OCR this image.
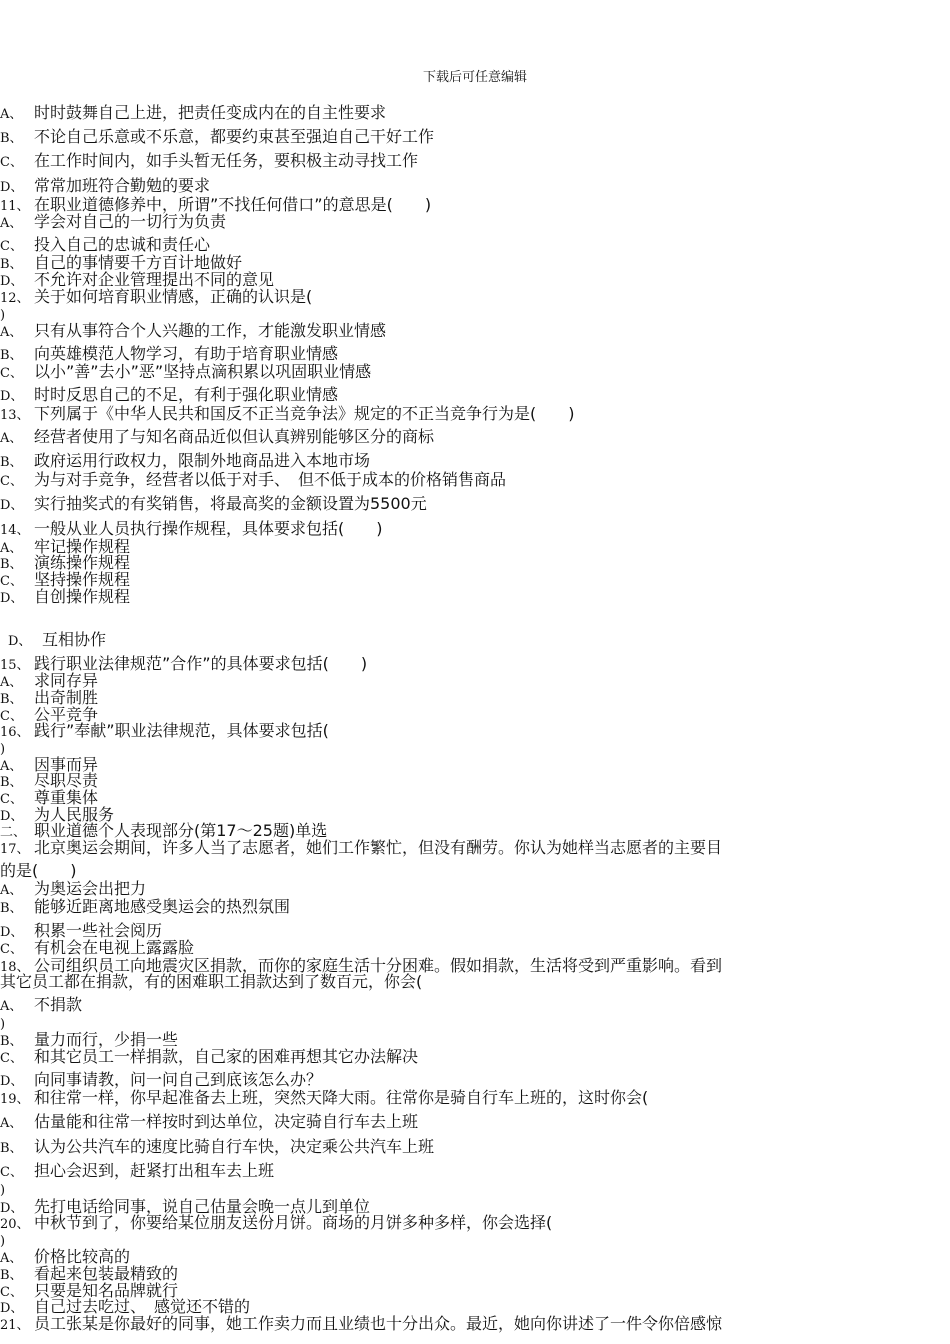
下载后可任意编辑
A、 时时鼓舞自己上进，把责任变成内在的自主性要求
B、 不论自己乐意或不乐意，都要约束甚至强迫自己干好工作
C、 在工作时间内，如手头暂无任务，要积极主动寻找工作
D、 常常加班符合勤勉的要求
11、 在职业道德修养中，所谓”不找任何借口”的意思是(　　)
A、 学会对自己的一切行为负责
C、 投入自己的忠诚和责任心
B、 自己的事情要千方百计地做好
D、 不允许对企业管理提出不同的意见
12、 关于如何培育职业情感，正确的认识是(
)
A、 只有从事符合个人兴趣的工作，才能激发职业情感
B、 向英雄模范人物学习，有助于培育职业情感
C、 以小”善”去小”恶”坚持点滴积累以巩固职业情感
D、 时时反思自己的不足，有利于强化职业情感
13、 下列属于《中华人民共和国反不正当竞争法》规定的不正当竞争行为是(　　)
A、 经营者使用了与知名商品近似但认真辨别能够区分的商标
B、 政府运用行政权力，限制外地商品进入本地市场
C、 为与对手竞争，经营者以低于对手、　但不低于成本的价格销售商品
D、 实行抽奖式的有奖销售，将最高奖的金额设置为5500元
14、 一般从业人员执行操作规程，具体要求包括(　　)
A、 牢记操作规程
B、 演练操作规程
C、 坚持操作规程
D、 自创操作规程
D、 互相协作
15、 践行职业法律规范”合作”的具体要求包括(　　)
A、 求同存异
B、 出奇制胜
C、 公平竞争
16、 践行”奉献”职业法律规范，具体要求包括(
)
A、 因事而异
B、 尽职尽责
C、 尊重集体
D、 为人民服务
二、 职业道德个人表现部分(第17～25题)单选
17、 北京奥运会期间，许多人当了志愿者，她们工作繁忙，但没有酬劳。你认为她样当志愿者的主要目
的是(　　)
A、 为奥运会出把力
B、 能够近距离地感受奥运会的热烈氛围
D、 积累一些社会阅历
C、 有机会在电视上露露脸
18、 公司组织员工向地震灾区捐款，而你的家庭生活十分困难。假如捐款，生活将受到严重影响。看到
其它员工都在捐款，有的困难职工捐款达到了数百元，你会(
A、 不捐款
)
B、 量力而行，少捐一些
C、 和其它员工一样捐款，自己家的困难再想其它办法解决
D、 向同事请教，问一问自己到底该怎么办？
19、 和往常一样，你早起准备去上班，突然天降大雨。往常你是骑自行车上班的，这时你会(
A、 估量能和往常一样按时到达单位，决定骑自行车去上班
B、 认为公共汽车的速度比骑自行车快，决定乘公共汽车上班
C、 担心会迟到，赶紧打出租车去上班
)
D、 先打电话给同事，说自己估量会晚一点儿到单位
20、 中秋节到了，你要给某位朋友送份月饼。商场的月饼多种多样，你会选择(
)
A、 价格比较高的
B、 看起来包装最精致的
C、 只要是知名品牌就行
D、 自己过去吃过、　感觉还不错的
21、 员工张某是你最好的同事，她工作卖力而且业绩也十分出众。最近，她向你讲述了一件令你倍感惊
